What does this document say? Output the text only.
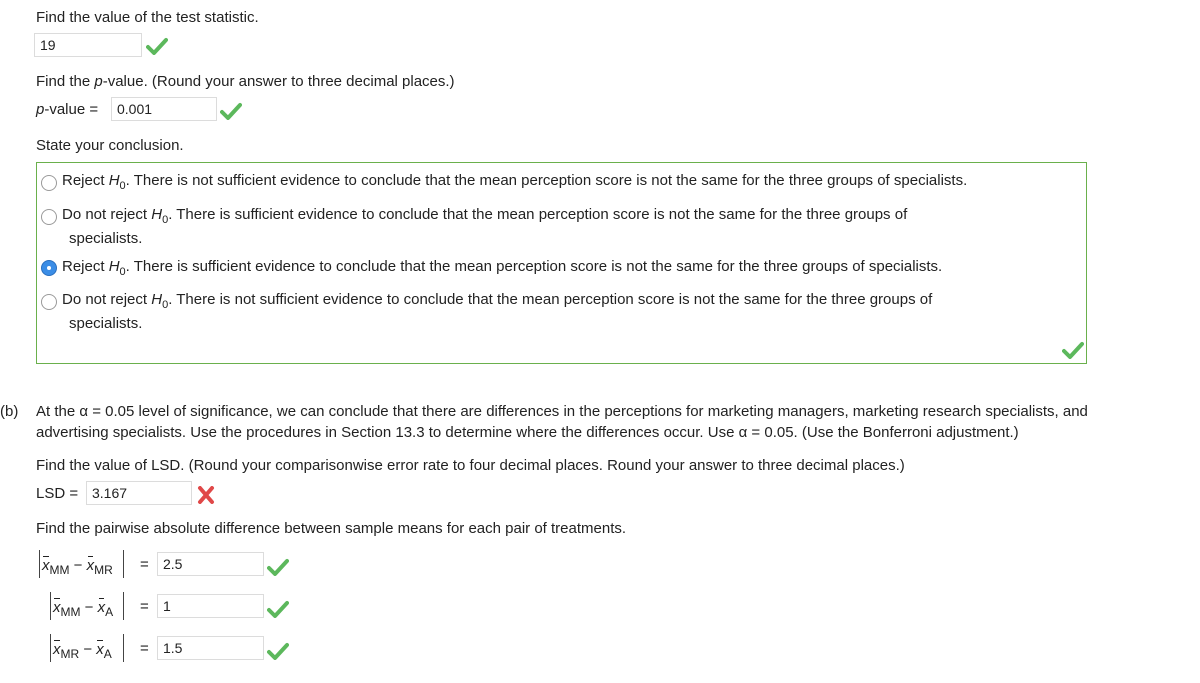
Find the value of the test statistic.
19
Find the p-value. (Round your answer to three decimal places.)
p-value =	0.001
State your conclusion.
Reject $H_0$. There is not sufficient evidence to conclude that the mean perception score is not the same for the three groups of specialists.
Do not reject $H_0$. There is sufficient evidence to conclude that the mean perception score is not the same for the three groups of
specialists.
Reject $H_0$. There is sufficient evidence to conclude that the mean perception score is not the same for the three groups of specialists.
Do not reject $H_0$. There is not sufficient evidence to conclude that the mean perception score is not the same for the three groups of
specialists.
(b) At the α = 0.05 level of significance, we can conclude that there are differences in the perceptions for marketing managers, marketing research specialists, and
advertising specialists. Use the procedures in Section 13.3 to determine where the differences occur. Use α = 0.05. (Use the Bonferroni adjustment.)
Find the value of LSD. (Round your comparisonwise error rate to four decimal places. Round your answer to three decimal places.)
LSD = 3.167
Find the pairwise absolute difference between sample means for each pair of treatments.
$x_{MM} - x_{MR}$ =	2.5
$x_{MM} - x_A$ =	1
$x_{MR} - x_A$ =	1.5
